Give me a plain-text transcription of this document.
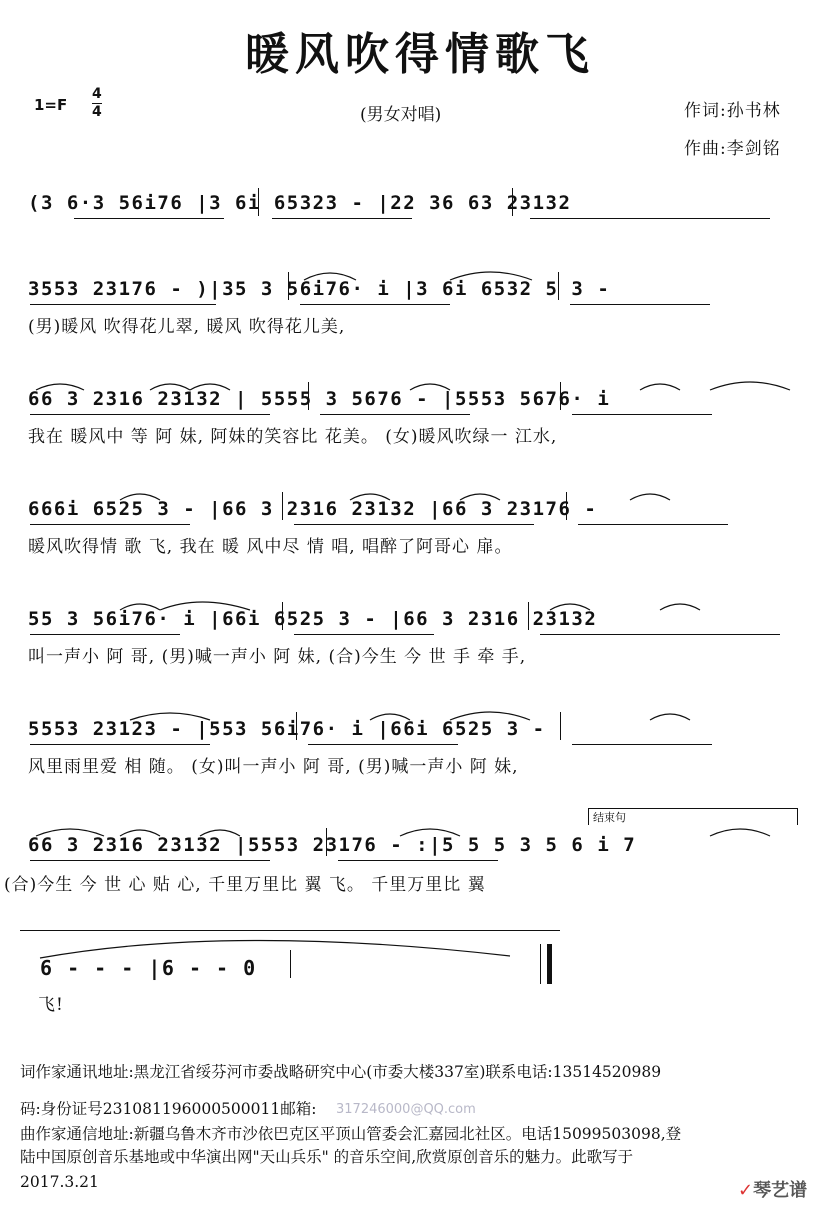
暖风吹得情歌飞
1=F
4
4	(男女对唱)	作词:孙书林
作曲:李剑铭
(3 6·3 56i76 |3 6i 65323 - |22 36 63 23132
3553 23176 - )|35 3 56i76· i |3 6i 6532 5 3 -
(男)暖风 吹得花儿翠, 暖风 吹得花儿美,
66 3 2316 23132 | 5555 3 5676 - |5553 5676· i
我在 暖风中 等 阿 妹, 阿妹的笑容比 花美。 (女)暖风吹绿一 江水,
666i 6525 3 - |66 3 2316 23132 |66 3 23176 -
暖风吹得情 歌 飞, 我在 暖 风中尽 情 唱, 唱醉了阿哥心 扉。
55 3 56i76· i |66i 6525 3 - |66 3 2316 23132
叫一声小 阿 哥, (男)喊一声小 阿 妹, (合)今生 今 世 手 牵 手,
5553 23123 - |553 56i76· i |66i 6525 3 -
风里雨里爱 相 随。 (女)叫一声小 阿 哥, (男)喊一声小 阿 妹,
结束句
66 3 2316 23132 |5553 23176 - :|5 5 5 3 5 6 i 7
(合)今生 今 世 心 贴 心, 千里万里比 翼 飞。 千里万里比 翼
6 - - - |6 - - 0
飞!
词作家通讯地址:黑龙江省绥芬河市委战略研究中心(市委大楼337室)联系电话:13514520989
码:身份证号231081196000500011邮箱: 317246000@QQ.com
曲作家通信地址:新疆乌鲁木齐市沙依巴克区平顶山管委会汇嘉园北社区。电话15099503098,登
陆中国原创音乐基地或中华演出网"天山兵乐" 的音乐空间,欣赏原创音乐的魅力。此歌写于
2017.3.21	✓琴艺谱
